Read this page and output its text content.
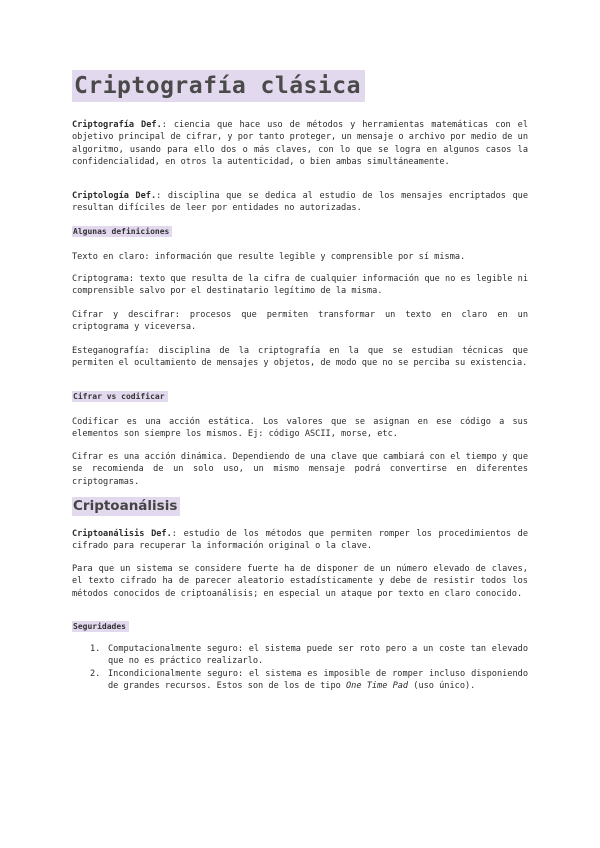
Criptografía clásica

Criptografía Def.: ciencia que hace uso de métodos y herramientas matemáticas con el objetivo principal de cifrar, y por tanto proteger, un mensaje o archivo por medio de un algoritmo, usando para ello dos o más claves, con lo que se logra en algunos casos la confidencialidad, en otros la autenticidad, o bien ambas simultáneamente.

Criptología Def.: disciplina que se dedica al estudio de los mensajes encriptados que resultan difíciles de leer por entidades no autorizadas.

Algunas definiciones

Texto en claro: información que resulte legible y comprensible por sí misma.

Criptograma: texto que resulta de la cifra de cualquier información que no es legible ni comprensible salvo por el destinatario legítimo de la misma.

Cifrar y descifrar: procesos que permiten transformar un texto en claro en un criptograma y viceversa.

Esteganografía: disciplina de la criptografía en la que se estudian técnicas que permiten el ocultamiento de mensajes y objetos, de modo que no se perciba su existencia.

Cifrar vs codificar

Codificar es una acción estática. Los valores que se asignan en ese código a sus elementos son siempre los mismos. Ej: código ASCII, morse, etc.

Cifrar es una acción dinámica. Dependiendo de una clave que cambiará con el tiempo y que se recomienda de un solo uso, un mismo mensaje podrá convertirse en diferentes criptogramas.

Criptoanálisis

Criptoanálisis Def.: estudio de los métodos que permiten romper los procedimientos de cifrado para recuperar la información original o la clave.

Para que un sistema se considere fuerte ha de disponer de un número elevado de claves, el texto cifrado ha de parecer aleatorio estadísticamente y debe de resistir todos los métodos conocidos de criptoanálisis; en especial un ataque por texto en claro conocido.

Seguridades
1. Computacionalmente seguro: el sistema puede ser roto pero a un coste tan elevado que no es práctico realizarlo.
2. Incondicionalmente seguro: el sistema es imposible de romper incluso disponiendo de grandes recursos. Estos son de los de tipo One Time Pad (uso único).
